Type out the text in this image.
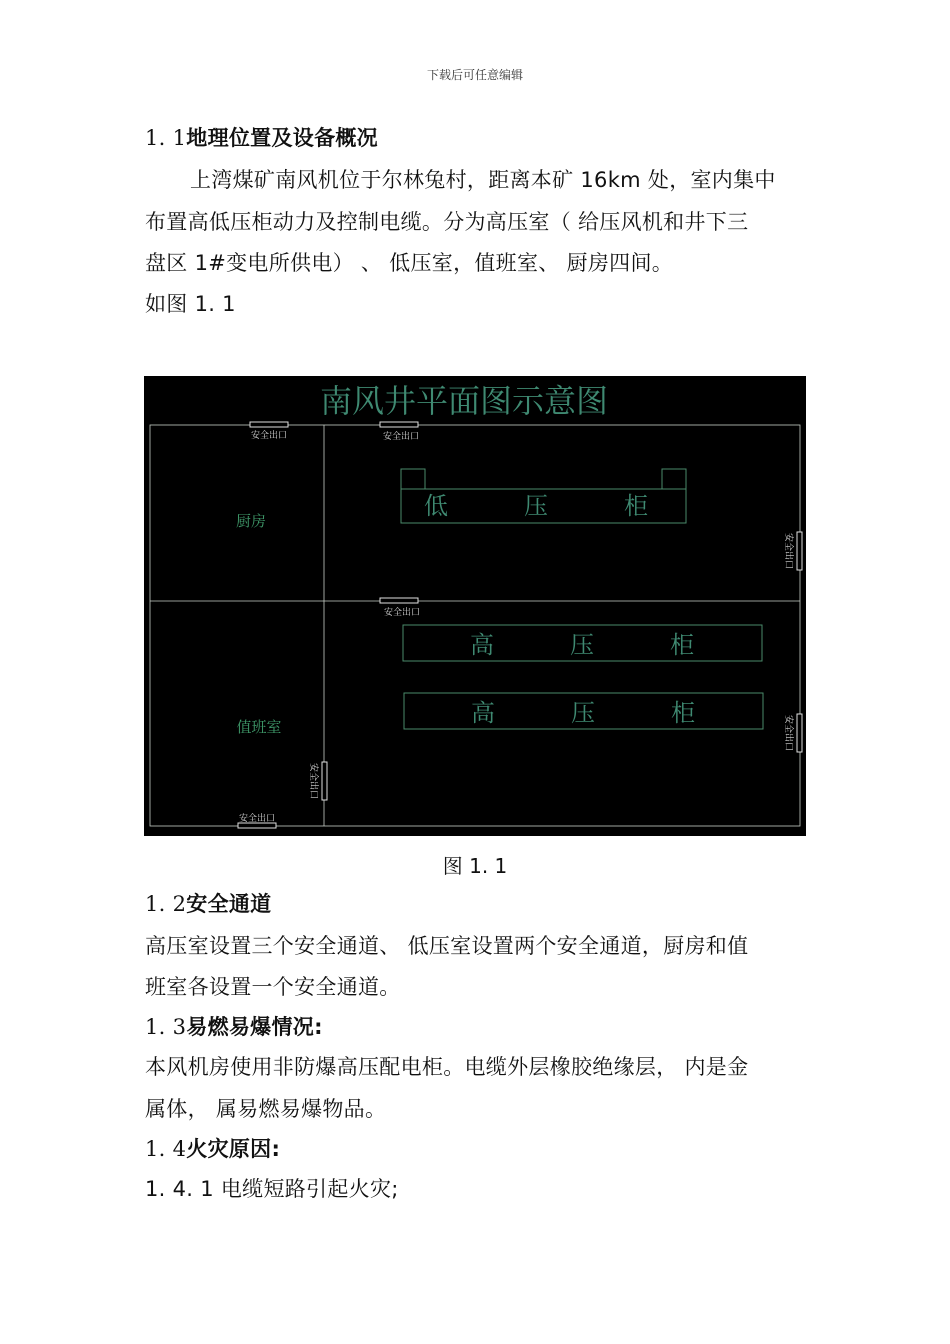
下载后可任意编辑
1. 1地理位置及设备概况
上湾煤矿南风机位于尔林兔村，距离本矿 16km 处，室内集中
布置高低压柜动力及控制电缆。分为高压室（ 给压风机和井下三
盘区 1#变电所供电） 、 低压室，值班室、 厨房四间。
如图 1. 1
南风井平面图示意图
厨房
值班室
低	压	柜
高	压	柜
高	压	柜
安全出口	安全出口
安全出口
安全出口
安全出口
安全出口
安全出口
图 1. 1
1. 2安全通道
高压室设置三个安全通道、 低压室设置两个安全通道，厨房和值
班室各设置一个安全通道。
1. 3易燃易爆情况:
本风机房使用非防爆高压配电柜。电缆外层橡胶绝缘层， 内是金
属体， 属易燃易爆物品。
1. 4火灾原因:
1. 4. 1 电缆短路引起火灾;
